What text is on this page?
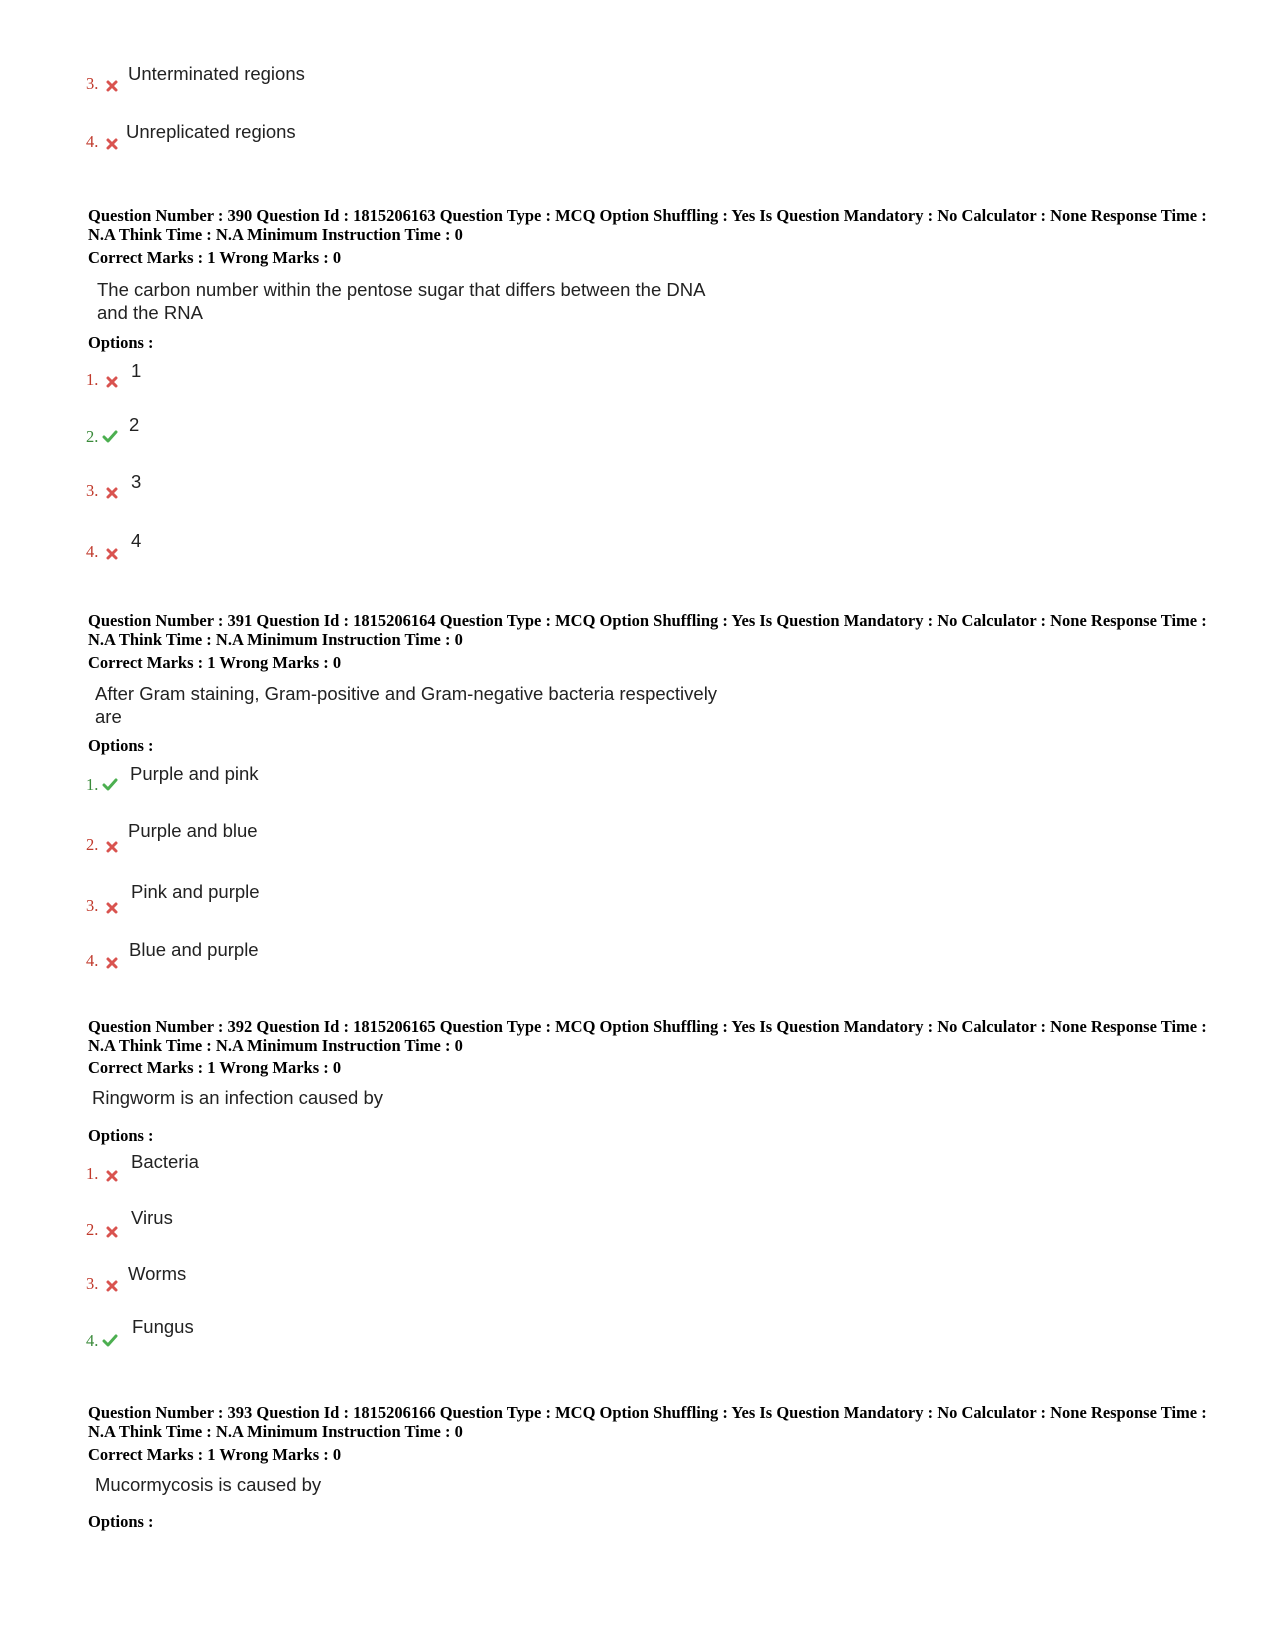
3. Unterminated regions
4. Unreplicated regions
Question Number : 390 Question Id : 1815206163 Question Type : MCQ Option Shuffling : Yes Is Question Mandatory : No Calculator : None Response Time : N.A Think Time : N.A Minimum Instruction Time : 0
Correct Marks : 1 Wrong Marks : 0
The carbon number within the pentose sugar that differs between the DNA
and the RNA
Options :
1. 1
2.
2
3. 3
4.
4
Question Number : 391 Question Id : 1815206164 Question Type : MCQ Option Shuffling : Yes Is Question Mandatory : No Calculator : None Response Time : N.A Think Time : N.A Minimum Instruction Time : 0
Correct Marks : 1 Wrong Marks : 0
After Gram staining, Gram-positive and Gram-negative bacteria respectively
are
Options :
1.
Purple and pink
2.
Purple and blue
3.
Pink and purple
4.
Blue and purple
Question Number : 392 Question Id : 1815206165 Question Type : MCQ Option Shuffling : Yes Is Question Mandatory : No Calculator : None Response Time : N.A Think Time : N.A Minimum Instruction Time : 0
Correct Marks : 1 Wrong Marks : 0
Ringworm is an infection caused by
Options :
1.
Bacteria
2.
Virus
3. Worms
4.
Fungus
Question Number : 393 Question Id : 1815206166 Question Type : MCQ Option Shuffling : Yes Is Question Mandatory : No Calculator : None Response Time : N.A Think Time : N.A Minimum Instruction Time : 0
Correct Marks : 1 Wrong Marks : 0
Mucormycosis is caused by
Options :
